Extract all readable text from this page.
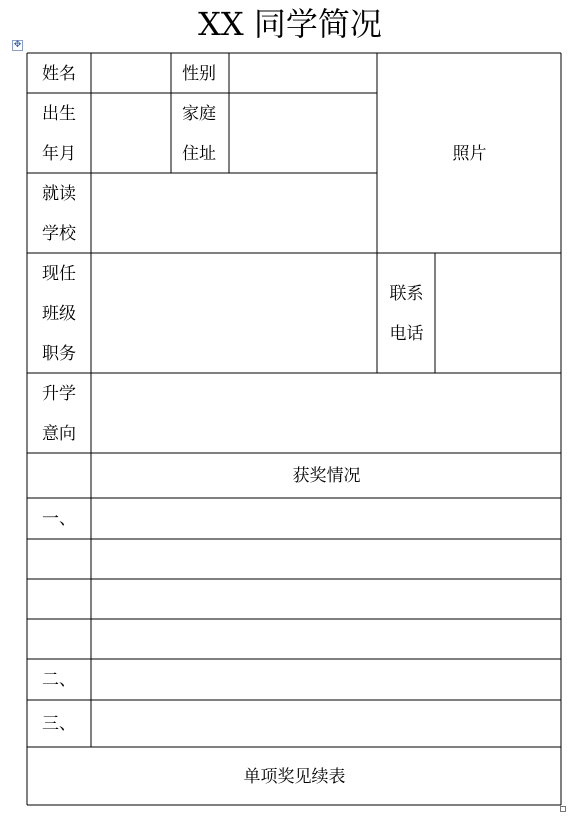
XX 同学简况
✥
姓名	性别
照片
出生
年月
家庭
住址
就读
学校
现任
班级
职务
联系
电话
升学
意向
获奖情况
一、
二、
三、
单项奖见续表
